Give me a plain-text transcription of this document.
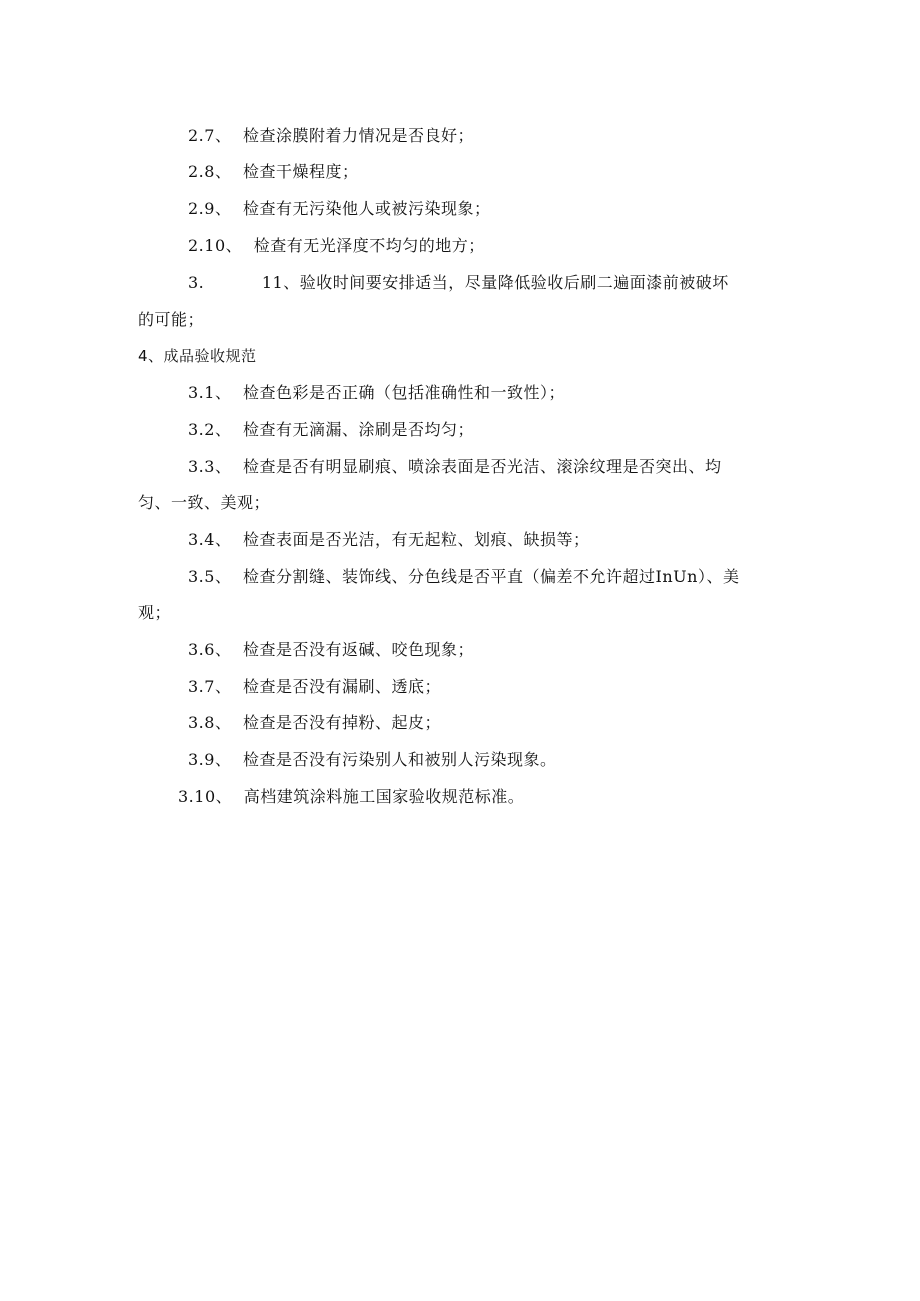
2.7、 检查涂膜附着力情况是否良好；
2.8、 检查干燥程度；
2.9、 检查有无污染他人或被污染现象；
2.10、 检查有无光泽度不均匀的地方；
3.	11、验收时间要安排适当，尽量降低验收后刷二遍面漆前被破坏
的可能；
4、成品验收规范
3.1、 检查色彩是否正确（包括准确性和一致性）；
3.2、 检查有无滴漏、涂刷是否均匀；
3.3、 检查是否有明显刷痕、喷涂表面是否光洁、滚涂纹理是否突出、均
匀、一致、美观；
3.4、 检查表面是否光洁，有无起粒、划痕、缺损等；
3.5、 检查分割缝、装饰线、分色线是否平直（偏差不允许超过InUn）、美
观；
3.6、 检查是否没有返碱、咬色现象；
3.7、 检查是否没有漏刷、透底；
3.8、 检查是否没有掉粉、起皮；
3.9、 检查是否没有污染别人和被别人污染现象。
3.10、 高档建筑涂料施工国家验收规范标准。
